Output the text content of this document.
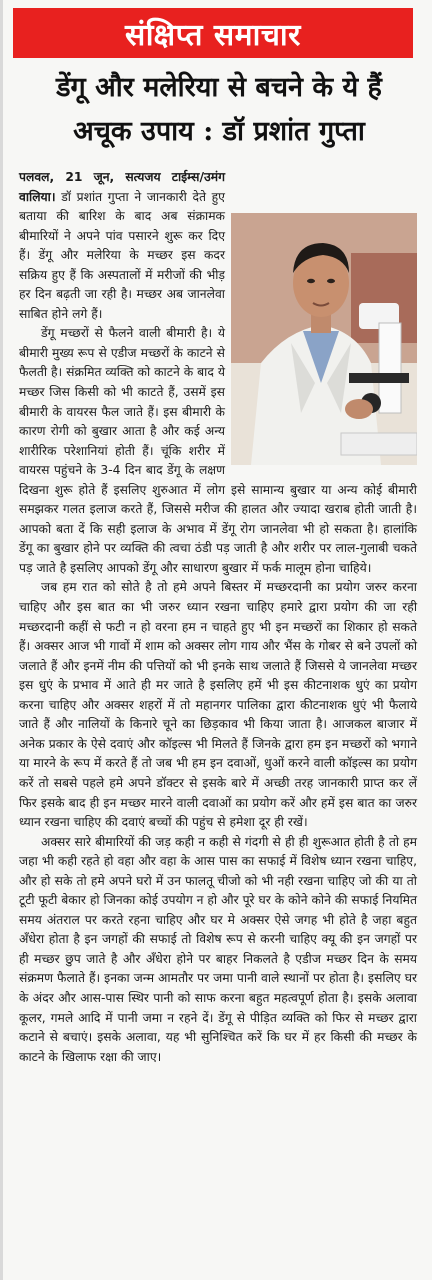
संक्षिप्त समाचार
डेंगू और मलेरिया से बचने के ये हैं
अचूक उपाय : डॉ प्रशांत गुप्ता

पलवल, 21 जून, सत्यजय टाईम्स/उमंग वालिया। डॉ प्रशांत गुप्ता ने जानकारी देते हुए बताया की बारिश के बाद अब संक्रामक बीमारियों ने अपने पांव पसारने शुरू कर दिए हैं। डेंगू और मलेरिया के मच्छर इस कदर सक्रिय हुए हैं कि अस्पतालों में मरीजों की भीड़ हर दिन बढ़ती जा रही है। मच्छर अब जानलेवा साबित होने लगे हैं।

डेंगू मच्छरों से फैलने वाली बीमारी है। ये बीमारी मुख्य रूप से एडीज मच्छरों के काटने से फैलती है। संक्रमित व्यक्ति को काटने के बाद ये मच्छर जिस किसी को भी काटते हैं, उसमें इस बीमारी के वायरस फैल जाते हैं। इस बीमारी के कारण रोगी को बुखार आता है और कई अन्य शारीरिक परेशानियां होती हैं। चूंकि शरीर में वायरस पहुंचने के 3-4 दिन बाद डेंगू के लक्षण दिखना शुरू होते हैं इसलिए शुरुआत में लोग इसे सामान्य बुखार या अन्य कोई बीमारी समझकर गलत इलाज करते हैं, जिससे मरीज की हालत और ज्यादा खराब होती जाती है। आपको बता दें कि सही इलाज के अभाव में डेंगू रोग जानलेवा भी हो सकता है। हालांकि डेंगू का बुखार होने पर व्यक्ति की त्वचा ठंडी पड़ जाती है और शरीर पर लाल-गुलाबी चकते पड़ जाते है इसलिए आपको डेंगू और साधारण बुखार में फर्क मालूम होना चाहिये।

जब हम रात को सोते है तो हमे अपने बिस्तर में मच्छरदानी का प्रयोग जरुर करना चाहिए और इस बात का भी जरुर ध्यान रखना चाहिए हमारे द्वारा प्रयोग की जा रही मच्छरदानी कहीं से फटी न हो वरना हम न चाहते हुए भी इन मच्छरों का शिकार हो सकते हैं। अक्सर आज भी गावों में शाम को अक्सर लोग गाय और भैंस के गोबर से बने उपलों को जलाते हैं और इनमें नीम की पत्तियों को भी इनके साथ जलाते हैं जिससे ये जानलेवा मच्छर इस धुएं के प्रभाव में आते ही मर जाते है इसलिए हमें भी इस कीटनाशक धुएं का प्रयोग करना चाहिए और अक्सर शहरों में तो महानगर पालिका द्वारा कीटनाशक धुएं भी फैलाये जाते हैं और नालियों के किनारे चूने का छिड़काव भी किया जाता है। आजकल बाजार में अनेक प्रकार के ऐसे दवाएं और कॉइल्स भी मिलते हैं जिनके द्वारा हम इन मच्छरों को भगाने या मारने के रूप में करते हैं तो जब भी हम इन दवाओं, धुओं करने वाली कॉइल्स का प्रयोग करें तो सबसे पहले हमे अपने डॉक्टर से इसके बारे में अच्छी तरह जानकारी प्राप्त कर लें फिर इसके बाद ही इन मच्छर मारने वाली दवाओं का प्रयोग करें और हमें इस बात का जरुर ध्यान रखना चाहिए की दवाएं बच्चों की पहुंच से हमेशा दूर ही रखें।

अक्सर सारे बीमारियों की जड़ कही न कही से गंदगी से ही ही शुरूआत होती है तो हम जहा भी कही रहते हो वहा और वहा के आस पास का सफाई में विशेष ध्यान रखना चाहिए, और हो सके तो हमे अपने घरो में उन फालतू चीजो को भी नही रखना चाहिए जो की या तो टूटी फूटी बेकार हो जिनका कोई उपयोग न हो और पूरे घर के कोने कोने की सफाई नियमित समय अंतराल पर करते रहना चाहिए और घर मे अक्सर ऐसे जगह भी होते है जहा बहुत अँधेरा होता है इन जगहों की सफाई तो विशेष रूप से करनी चाहिए क्यू की इन जगहों पर ही मच्छर छुप जाते है और अँधेरा होने पर बाहर निकलते है एडीज मच्छर दिन के समय संक्रमण फैलाते हैं। इनका जन्म आमतौर पर जमा पानी वाले स्थानों पर होता है। इसलिए घर के अंदर और आस-पास स्थिर पानी को साफ करना बहुत महत्वपूर्ण होता है। इसके अलावा कूलर, गमले आदि में पानी जमा न रहने दें। डेंगू से पीड़ित व्यक्ति को फिर से मच्छर द्वारा कटाने से बचाएं। इसके अलावा, यह भी सुनिश्चित करें कि घर में हर किसी की मच्छर के काटने के खिलाफ रक्षा की जाए।
